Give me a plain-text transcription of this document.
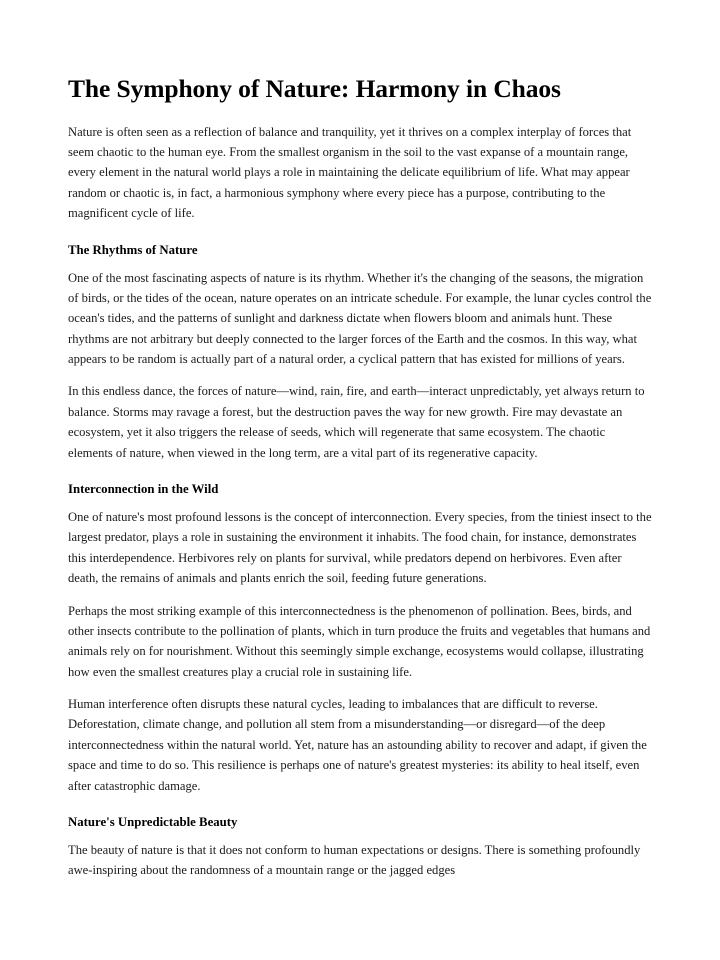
The Symphony of Nature: Harmony in Chaos

Nature is often seen as a reflection of balance and tranquility, yet it thrives on a complex interplay of forces that seem chaotic to the human eye. From the smallest organism in the soil to the vast expanse of a mountain range, every element in the natural world plays a role in maintaining the delicate equilibrium of life. What may appear random or chaotic is, in fact, a harmonious symphony where every piece has a purpose, contributing to the magnificent cycle of life.

The Rhythms of Nature

One of the most fascinating aspects of nature is its rhythm. Whether it's the changing of the seasons, the migration of birds, or the tides of the ocean, nature operates on an intricate schedule. For example, the lunar cycles control the ocean's tides, and the patterns of sunlight and darkness dictate when flowers bloom and animals hunt. These rhythms are not arbitrary but deeply connected to the larger forces of the Earth and the cosmos. In this way, what appears to be random is actually part of a natural order, a cyclical pattern that has existed for millions of years.

In this endless dance, the forces of nature—wind, rain, fire, and earth—interact unpredictably, yet always return to balance. Storms may ravage a forest, but the destruction paves the way for new growth. Fire may devastate an ecosystem, yet it also triggers the release of seeds, which will regenerate that same ecosystem. The chaotic elements of nature, when viewed in the long term, are a vital part of its regenerative capacity.

Interconnection in the Wild

One of nature's most profound lessons is the concept of interconnection. Every species, from the tiniest insect to the largest predator, plays a role in sustaining the environment it inhabits. The food chain, for instance, demonstrates this interdependence. Herbivores rely on plants for survival, while predators depend on herbivores. Even after death, the remains of animals and plants enrich the soil, feeding future generations.

Perhaps the most striking example of this interconnectedness is the phenomenon of pollination. Bees, birds, and other insects contribute to the pollination of plants, which in turn produce the fruits and vegetables that humans and animals rely on for nourishment. Without this seemingly simple exchange, ecosystems would collapse, illustrating how even the smallest creatures play a crucial role in sustaining life.

Human interference often disrupts these natural cycles, leading to imbalances that are difficult to reverse. Deforestation, climate change, and pollution all stem from a misunderstanding—or disregard—of the deep interconnectedness within the natural world. Yet, nature has an astounding ability to recover and adapt, if given the space and time to do so. This resilience is perhaps one of nature's greatest mysteries: its ability to heal itself, even after catastrophic damage.

Nature's Unpredictable Beauty

The beauty of nature is that it does not conform to human expectations or designs. There is something profoundly awe-inspiring about the randomness of a mountain range or the jagged edges
